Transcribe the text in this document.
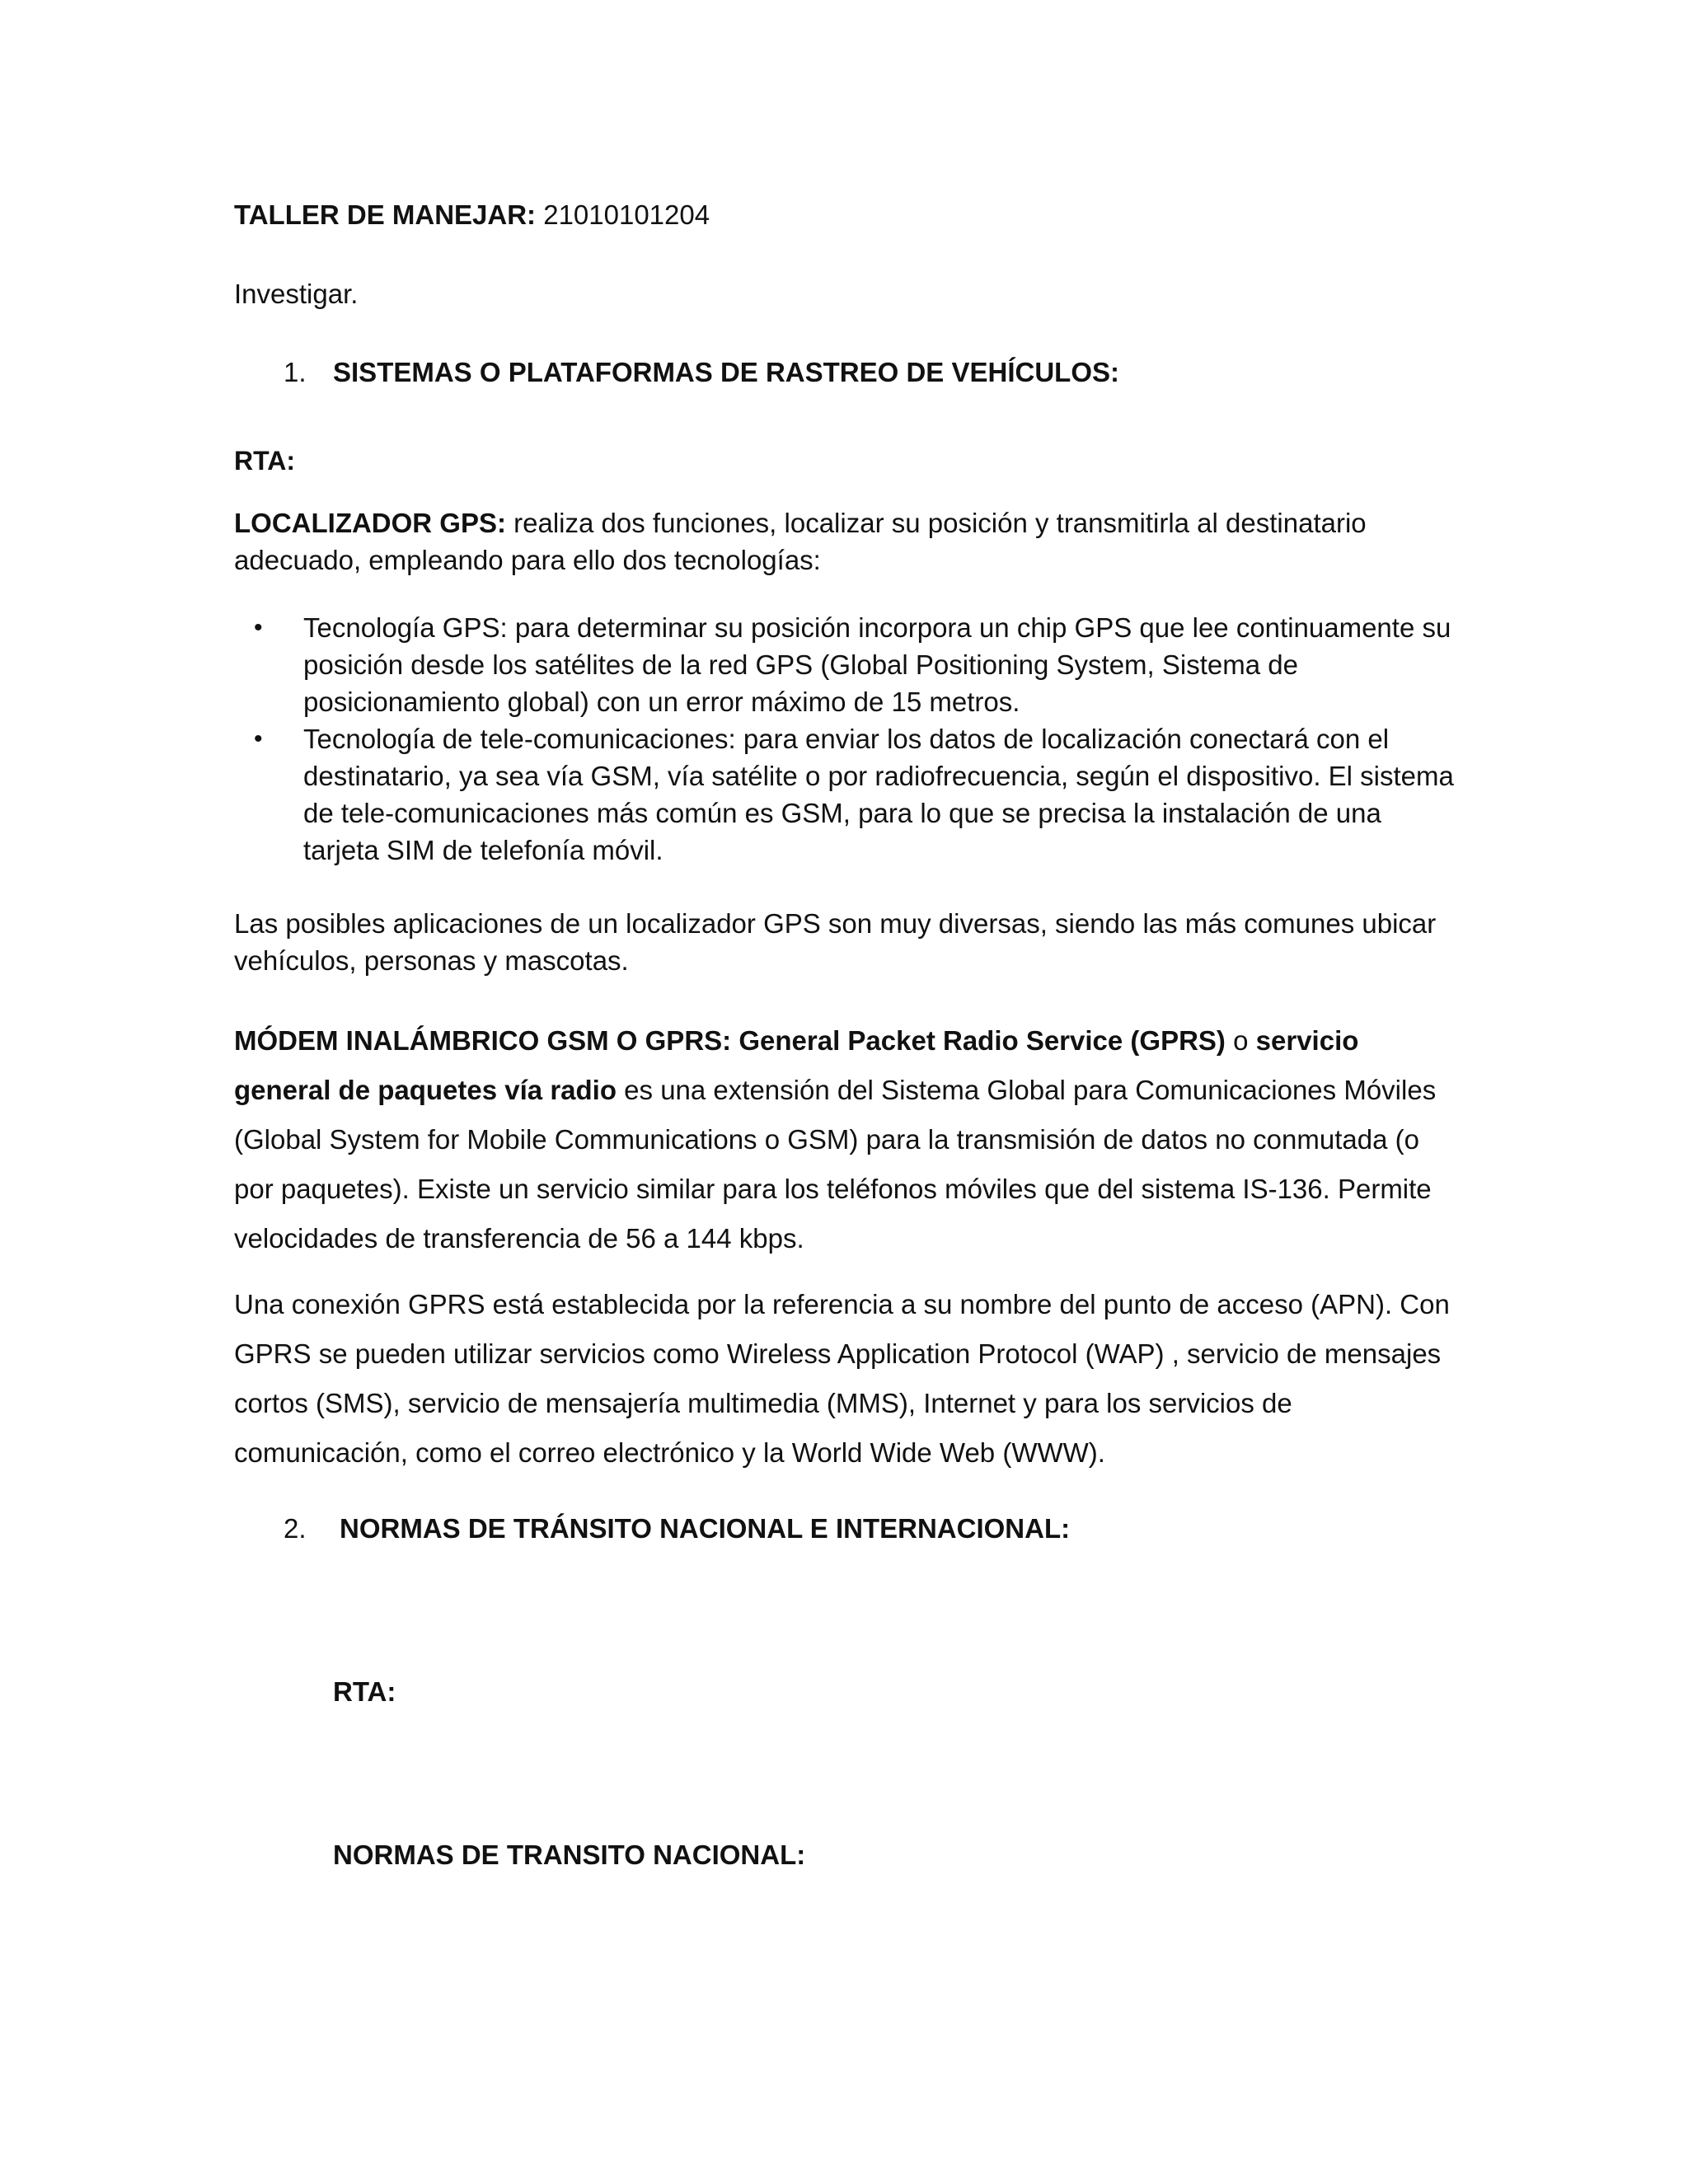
TALLER DE MANEJAR: 21010101204

Investigar.

1. SISTEMAS O PLATAFORMAS DE RASTREO DE VEHÍCULOS:

RTA:

LOCALIZADOR GPS: realiza dos funciones, localizar su posición y transmitirla al destinatario adecuado, empleando para ello dos tecnologías:

• Tecnología GPS: para determinar su posición incorpora un chip GPS que lee continuamente su posición desde los satélites de la red GPS (Global Positioning System, Sistema de posicionamiento global) con un error máximo de 15 metros.
• Tecnología de tele-comunicaciones: para enviar los datos de localización conectará con el destinatario, ya sea vía GSM, vía satélite o por radiofrecuencia, según el dispositivo. El sistema de tele-comunicaciones más común es GSM, para lo que se precisa la instalación de una tarjeta SIM de telefonía móvil.

Las posibles aplicaciones de un localizador GPS son muy diversas, siendo las más comunes ubicar vehículos, personas y mascotas.

MÓDEM INALÁMBRICO GSM O GPRS: General Packet Radio Service (GPRS) o servicio general de paquetes vía radio es una extensión del Sistema Global para Comunicaciones Móviles (Global System for Mobile Communications o GSM) para la transmisión de datos no conmutada (o por paquetes). Existe un servicio similar para los teléfonos móviles que del sistema IS-136. Permite velocidades de transferencia de 56 a 144 kbps.

Una conexión GPRS está establecida por la referencia a su nombre del punto de acceso (APN). Con GPRS se pueden utilizar servicios como Wireless Application Protocol (WAP) , servicio de mensajes cortos (SMS), servicio de mensajería multimedia (MMS), Internet y para los servicios de comunicación, como el correo electrónico y la World Wide Web (WWW).

2. NORMAS DE TRÁNSITO NACIONAL E INTERNACIONAL:

RTA:

NORMAS DE TRANSITO NACIONAL:
